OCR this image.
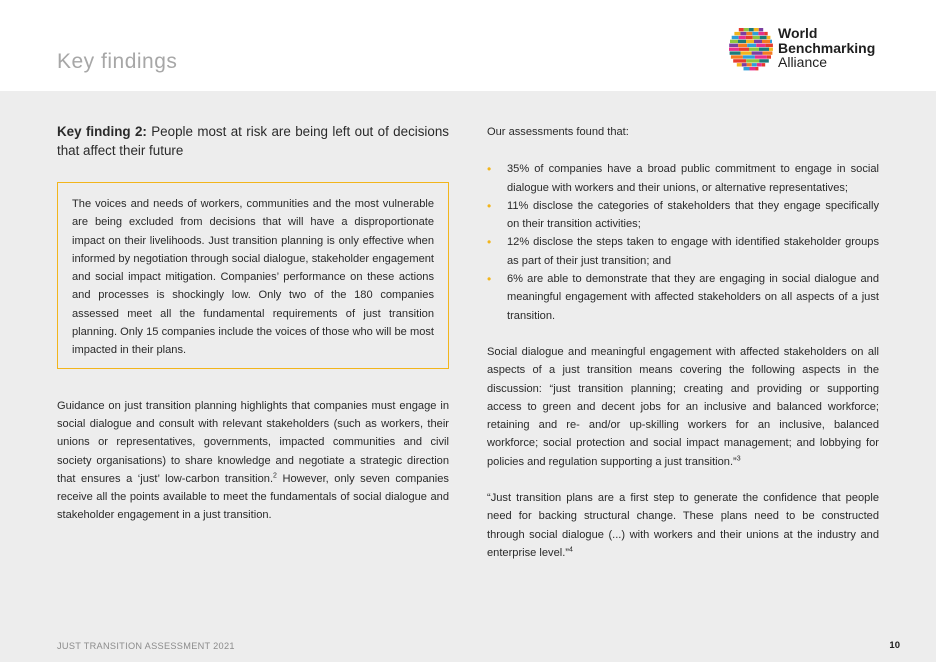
Key findings
World
Benchmarking
Alliance
Key finding 2: People most at risk are being left out of decisions that affect their future

The voices and needs of workers, communities and the most vulnerable are being excluded from decisions that will have a disproportionate impact on their livelihoods. Just transition planning is only effective when informed by negotiation through social dialogue, stakeholder engagement and social impact mitigation. Companies’ performance on these actions and processes is shockingly low. Only two of the 180 companies assessed meet all the fundamental requirements of just transition planning. Only 15 companies include the voices of those who will be most impacted in their plans.

Guidance on just transition planning highlights that companies must engage in social dialogue and consult with relevant stakeholders (such as workers, their unions or representatives, governments, impacted communities and civil society organisations) to share knowledge and negotiate a strategic direction that ensures a ‘just’ low-carbon transition.$^2$ However, only seven companies receive all the points available to meet the fundamentals of social dialogue and stakeholder engagement in a just transition.

Our assessments found that:

• 35% of companies have a broad public commitment to engage in social dialogue with workers and their unions, or alternative representatives;
• 11% disclose the categories of stakeholders that they engage specifically on their transition activities;
• 12% disclose the steps taken to engage with identified stakeholder groups as part of their just transition; and
• 6% are able to demonstrate that they are engaging in social dialogue and meaningful engagement with affected stakeholders on all aspects of a just transition.

Social dialogue and meaningful engagement with affected stakeholders on all aspects of a just transition means covering the following aspects in the discussion: “just transition planning; creating and providing or supporting access to green and decent jobs for an inclusive and balanced workforce; retaining and re- and/or up-skilling workers for an inclusive, balanced workforce; social protection and social impact management; and lobbying for policies and regulation supporting a just transition.”$^3$

“Just transition plans are a first step to generate the confidence that people need for backing structural change. These plans need to be constructed through social dialogue (...) with workers and their unions at the industry and enterprise level.”$^4$

JUST TRANSITION ASSESSMENT 2021	10
